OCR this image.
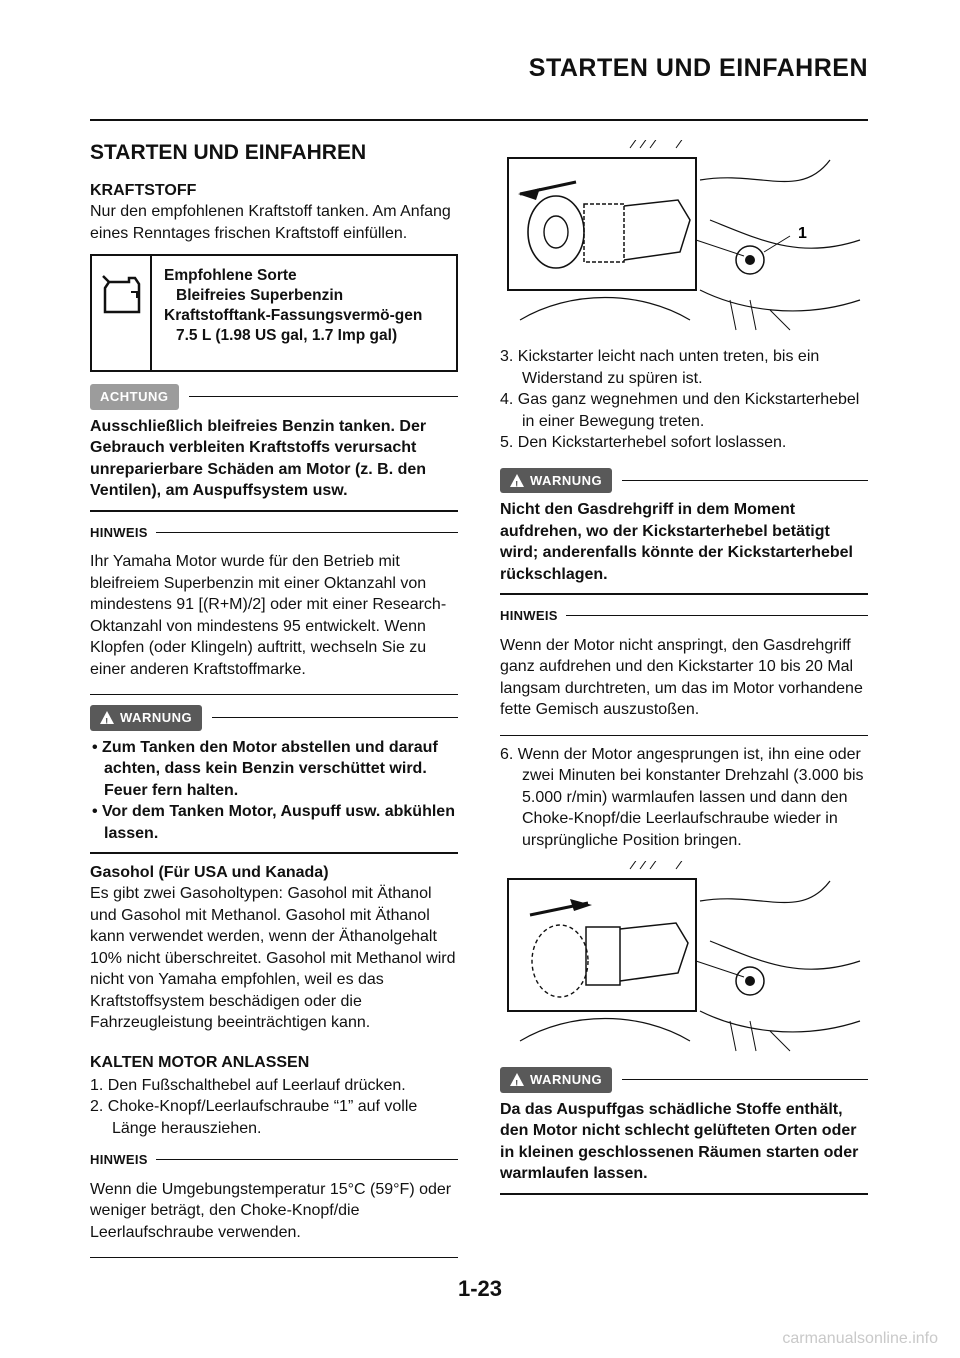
STARTEN UND EINFAHREN
STARTEN UND EINFAHREN
KRAFTSTOFF

Nur den empfohlenen Kraftstoff tanken. Am Anfang eines Renntages frischen Kraftstoff einfüllen.

Empfohlene Sorte
Bleifreies Superbenzin
Kraftstofftank-Fassungsvermö-gen
7.5 L (1.98 US gal, 1.7 Imp gal)
ACHTUNG

Ausschließlich bleifreies Benzin tanken. Der Gebrauch verbleiten Kraftstoffs verursacht unreparierbare Schäden am Motor (z. B. den Ventilen), am Auspuffsystem usw.

HINWEIS

Ihr Yamaha Motor wurde für den Betrieb mit bleifreiem Superbenzin mit einer Oktanzahl von mindestens 91 [(R+M)/2] oder mit einer Research-Oktanzahl von mindestens 95 entwickelt. Wenn Klopfen (oder Klingeln) auftritt, wechseln Sie zu einer anderen Kraftstoffmarke.

!
WARNUNG
• Zum Tanken den Motor abstellen und darauf achten, dass kein Benzin verschüttet wird. Feuer fern halten.
• Vor dem Tanken Motor, Auspuff usw. abkühlen lassen.
Gasohol (Für USA und Kanada)

Es gibt zwei Gasoholtypen: Gasohol mit Äthanol und Gasohol mit Methanol. Gasohol mit Äthanol kann verwendet werden, wenn der Äthanolgehalt 10% nicht überschreitet. Gasohol mit Methanol wird nicht von Yamaha empfohlen, weil es das Kraftstoffsystem beschädigen oder die Fahrzeugleistung beeinträchtigen kann.

KALTEN MOTOR ANLASSEN
1. Den Fußschalthebel auf Leerlauf drücken.
2. Choke-Knopf/Leerlaufschraube “1” auf volle Länge herausziehen.
HINWEIS

Wenn die Umgebungstemperatur 15°C (59°F) oder weniger beträgt, den Choke-Knopf/die Leerlaufschraube verwenden.

1
3. Kickstarter leicht nach unten treten, bis ein Widerstand zu spüren ist.
4. Gas ganz wegnehmen und den Kickstarterhebel in einer Bewegung treten.
5. Den Kickstarterhebel sofort loslassen.
!
WARNUNG

Nicht den Gasdrehgriff in dem Moment aufdrehen, wo der Kickstarterhebel betätigt wird; anderenfalls könnte der Kickstarterhebel rückschlagen.

HINWEIS

Wenn der Motor nicht anspringt, den Gasdrehgriff ganz aufdrehen und den Kickstarter 10 bis 20 Mal langsam durchtreten, um das im Motor vorhandene fette Gemisch auszustoßen.

6. Wenn der Motor angesprungen ist, ihn eine oder zwei Minuten bei konstanter Drehzahl (3.000 bis 5.000 r/min) warmlaufen lassen und dann den Choke-Knopf/die Leerlaufschraube wieder in ursprüngliche Position bringen.
!
WARNUNG

Da das Auspuffgas schädliche Stoffe enthält, den Motor nicht schlecht gelüfteten Orten oder in kleinen geschlossenen Räumen starten oder warmlaufen lassen.

1-23
carmanualsonline.info
